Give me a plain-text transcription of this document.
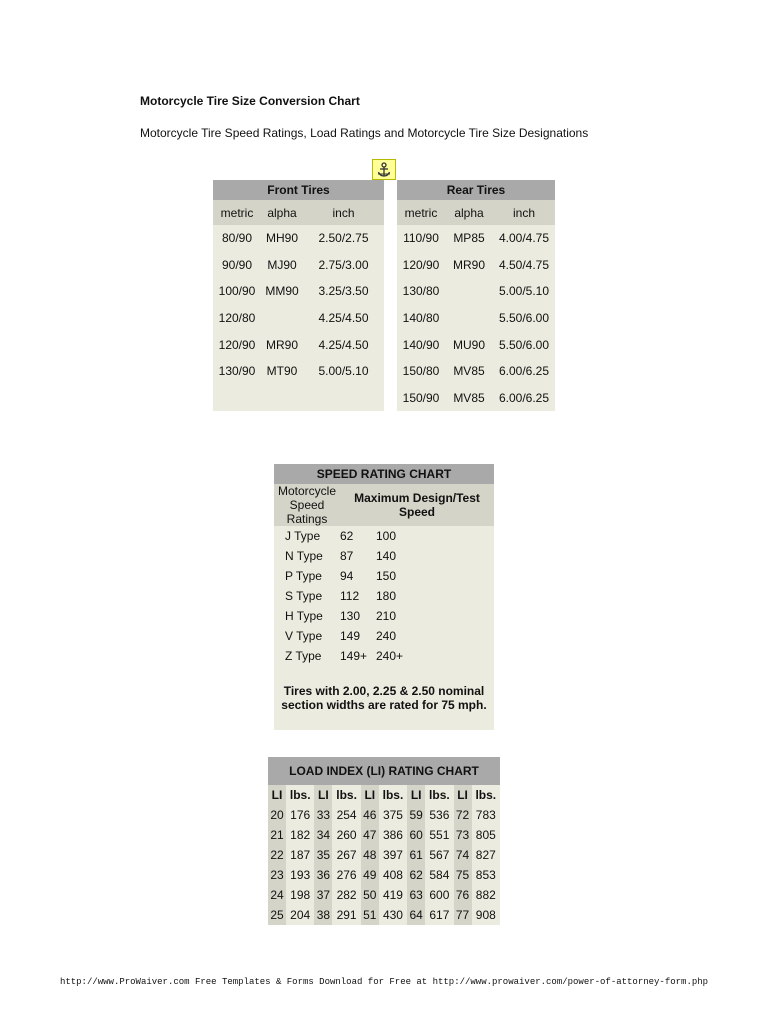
Motorcycle Tire Size Conversion Chart
Motorcycle Tire Speed Ratings, Load Ratings and Motorcycle Tire Size Designations
Front Tires		
metric	alpha	inch
80/90	MH90	2.50/2.75
90/90	MJ90	2.75/3.00
100/90	MM90	3.25/3.50
120/80		4.25/4.50
120/90	MR90	4.25/4.50
130/90	MT90	5.00/5.10

Rear Tires		
metric	alpha	inch
110/90	MP85	4.00/4.75
120/90	MR90	4.50/4.75
130/80		5.00/5.10
140/80		5.50/6.00
140/90	MU90	5.50/6.00
150/80	MV85	6.00/6.25
150/90	MV85	6.00/6.25
SPEED RATING CHART		
Motorcycle Speed Ratings	Maximum Design/Test Speed	
J Type	62	100
N Type	87	140
P Type	94	150
S Type	112	180
H Type	130	210
V Type	149	240
Z Type	149+	240+
Tires with 2.00, 2.25 & 2.50 nominal section widths are rated for 75 mph.		
LOAD INDEX (LI) RATING CHART									
LI	lbs.	LI	lbs.	LI	lbs.	LI	lbs.	LI	lbs.
20	176	33	254	46	375	59	536	72	783
21	182	34	260	47	386	60	551	73	805
22	187	35	267	48	397	61	567	74	827
23	193	36	276	49	408	62	584	75	853
24	198	37	282	50	419	63	600	76	882
25	204	38	291	51	430	64	617	77	908
http://www.ProWaiver.com Free Templates & Forms Download for Free at http://www.prowaiver.com/power-of-attorney-form.php
